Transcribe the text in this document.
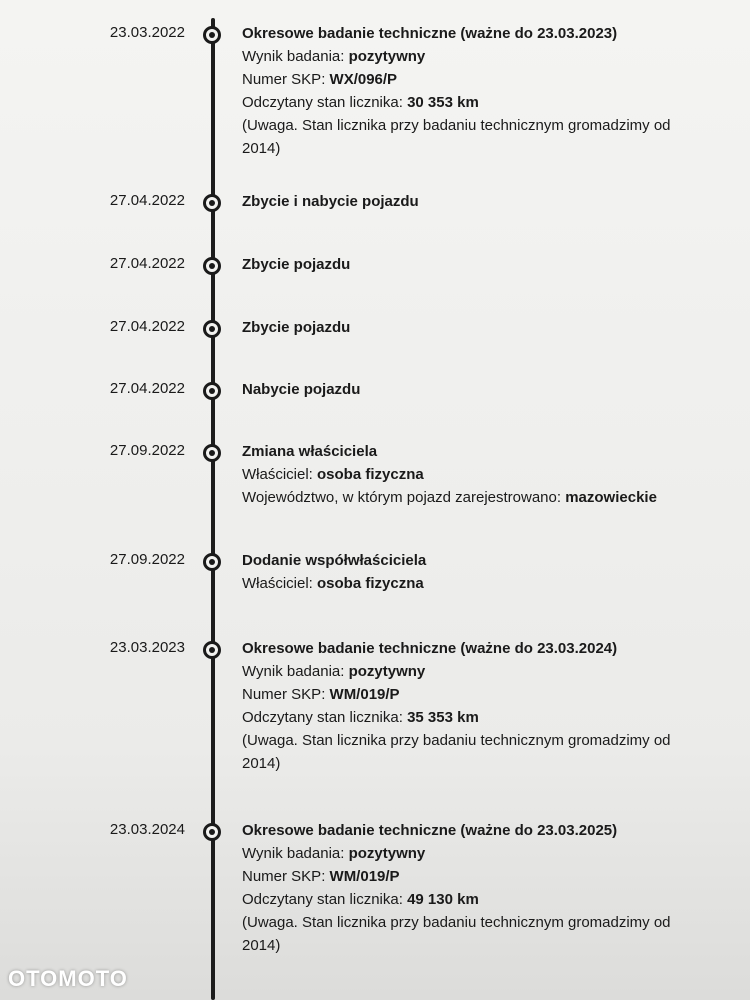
23.03.2022	Okresowe badanie techniczne (ważne do 23.03.2023)
Wynik badania: pozytywny
Numer SKP: WX/096/P
Odczytany stan licznika: 30 353 km
(Uwaga. Stan licznika przy badaniu technicznym gromadzimy od 2014)
27.04.2022	Zbycie i nabycie pojazdu
27.04.2022	Zbycie pojazdu
27.04.2022	Zbycie pojazdu
27.04.2022	Nabycie pojazdu
27.09.2022	Zmiana właściciela
Właściciel: osoba fizyczna
Województwo, w którym pojazd zarejestrowano: mazowieckie
27.09.2022	Dodanie współwłaściciela
Właściciel: osoba fizyczna
23.03.2023	Okresowe badanie techniczne (ważne do 23.03.2024)
Wynik badania: pozytywny
Numer SKP: WM/019/P
Odczytany stan licznika: 35 353 km
(Uwaga. Stan licznika przy badaniu technicznym gromadzimy od 2014)
23.03.2024	Okresowe badanie techniczne (ważne do 23.03.2025)
Wynik badania: pozytywny
Numer SKP: WM/019/P
Odczytany stan licznika: 49 130 km
(Uwaga. Stan licznika przy badaniu technicznym gromadzimy od 2014)
OTOMOTO
